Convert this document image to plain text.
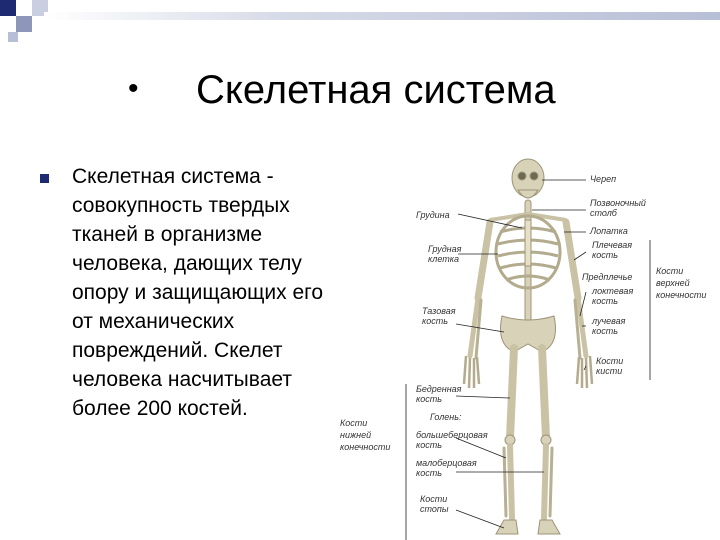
• Скелетная система
Скелетная система - совокупность твердых тканей в организме человека, дающих телу опору и защищающих его от механических повреждений. Скелет человека насчитывает более 200 костей.
Череп
Позвоночный
столб
Лопатка
Грудина
Грудная
клетка
Плечевая
кость
Предплечье
локтевая
кость
лучевая
кость
Кости
кисти
Кости
верхней
конечности
Тазовая
кость
Бедренная
кость
Голень:
большеберцовая
кость
малоберцовая
кость
Кости
стопы
Кости
нижней
конечности
